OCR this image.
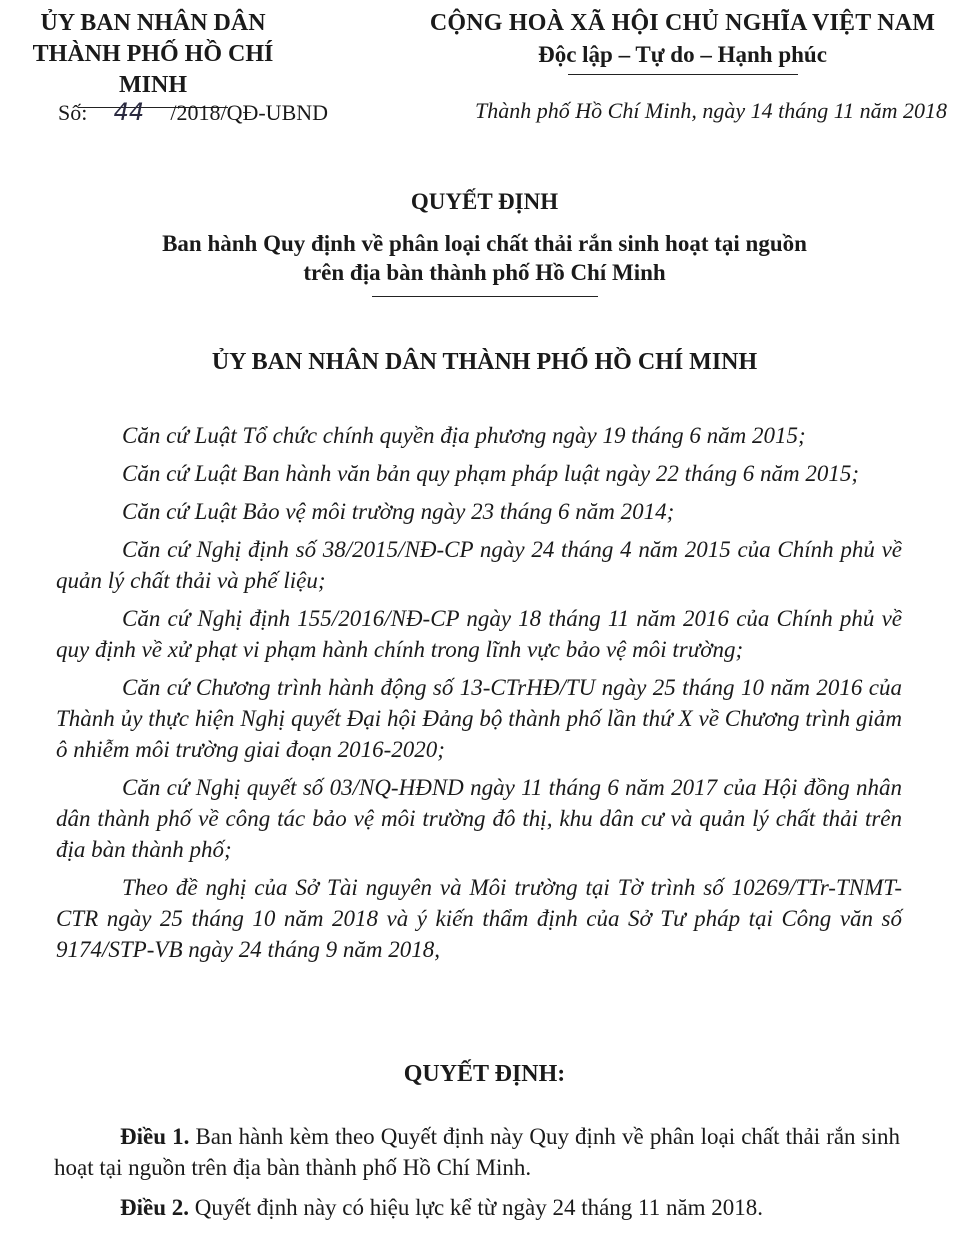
ỦY BAN NHÂN DÂN
THÀNH PHỐ HỒ CHÍ MINH
CỘNG HOÀ XÃ HỘI CHỦ NGHĨA VIỆT NAM
Độc lập – Tự do – Hạnh phúc
Số: 44 /2018/QĐ-UBND	Thành phố Hồ Chí Minh, ngày 14 tháng 11 năm 2018
QUYẾT ĐỊNH
Ban hành Quy định về phân loại chất thải rắn sinh hoạt tại nguồn
trên địa bàn thành phố Hồ Chí Minh
ỦY BAN NHÂN DÂN THÀNH PHỐ HỒ CHÍ MINH

Căn cứ Luật Tổ chức chính quyền địa phương ngày 19 tháng 6 năm 2015;

Căn cứ Luật Ban hành văn bản quy phạm pháp luật ngày 22 tháng 6 năm 2015;

Căn cứ Luật Bảo vệ môi trường ngày 23 tháng 6 năm 2014;

Căn cứ Nghị định số 38/2015/NĐ-CP ngày 24 tháng 4 năm 2015 của Chính phủ về quản lý chất thải và phế liệu;

Căn cứ Nghị định 155/2016/NĐ-CP ngày 18 tháng 11 năm 2016 của Chính phủ về quy định về xử phạt vi phạm hành chính trong lĩnh vực bảo vệ môi trường;

Căn cứ Chương trình hành động số 13-CTrHĐ/TU ngày 25 tháng 10 năm 2016 của Thành ủy thực hiện Nghị quyết Đại hội Đảng bộ thành phố lần thứ X về Chương trình giảm ô nhiễm môi trường giai đoạn 2016-2020;

Căn cứ Nghị quyết số 03/NQ-HĐND ngày 11 tháng 6 năm 2017 của Hội đồng nhân dân thành phố về công tác bảo vệ môi trường đô thị, khu dân cư và quản lý chất thải trên địa bàn thành phố;

Theo đề nghị của Sở Tài nguyên và Môi trường tại Tờ trình số 10269/TTr-TNMT-CTR ngày 25 tháng 10 năm 2018 và ý kiến thẩm định của Sở Tư pháp tại Công văn số 9174/STP-VB ngày 24 tháng 9 năm 2018,

QUYẾT ĐỊNH:

Điều 1. Ban hành kèm theo Quyết định này Quy định về phân loại chất thải rắn sinh hoạt tại nguồn trên địa bàn thành phố Hồ Chí Minh.

Điều 2. Quyết định này có hiệu lực kể từ ngày 24 tháng 11 năm 2018.
